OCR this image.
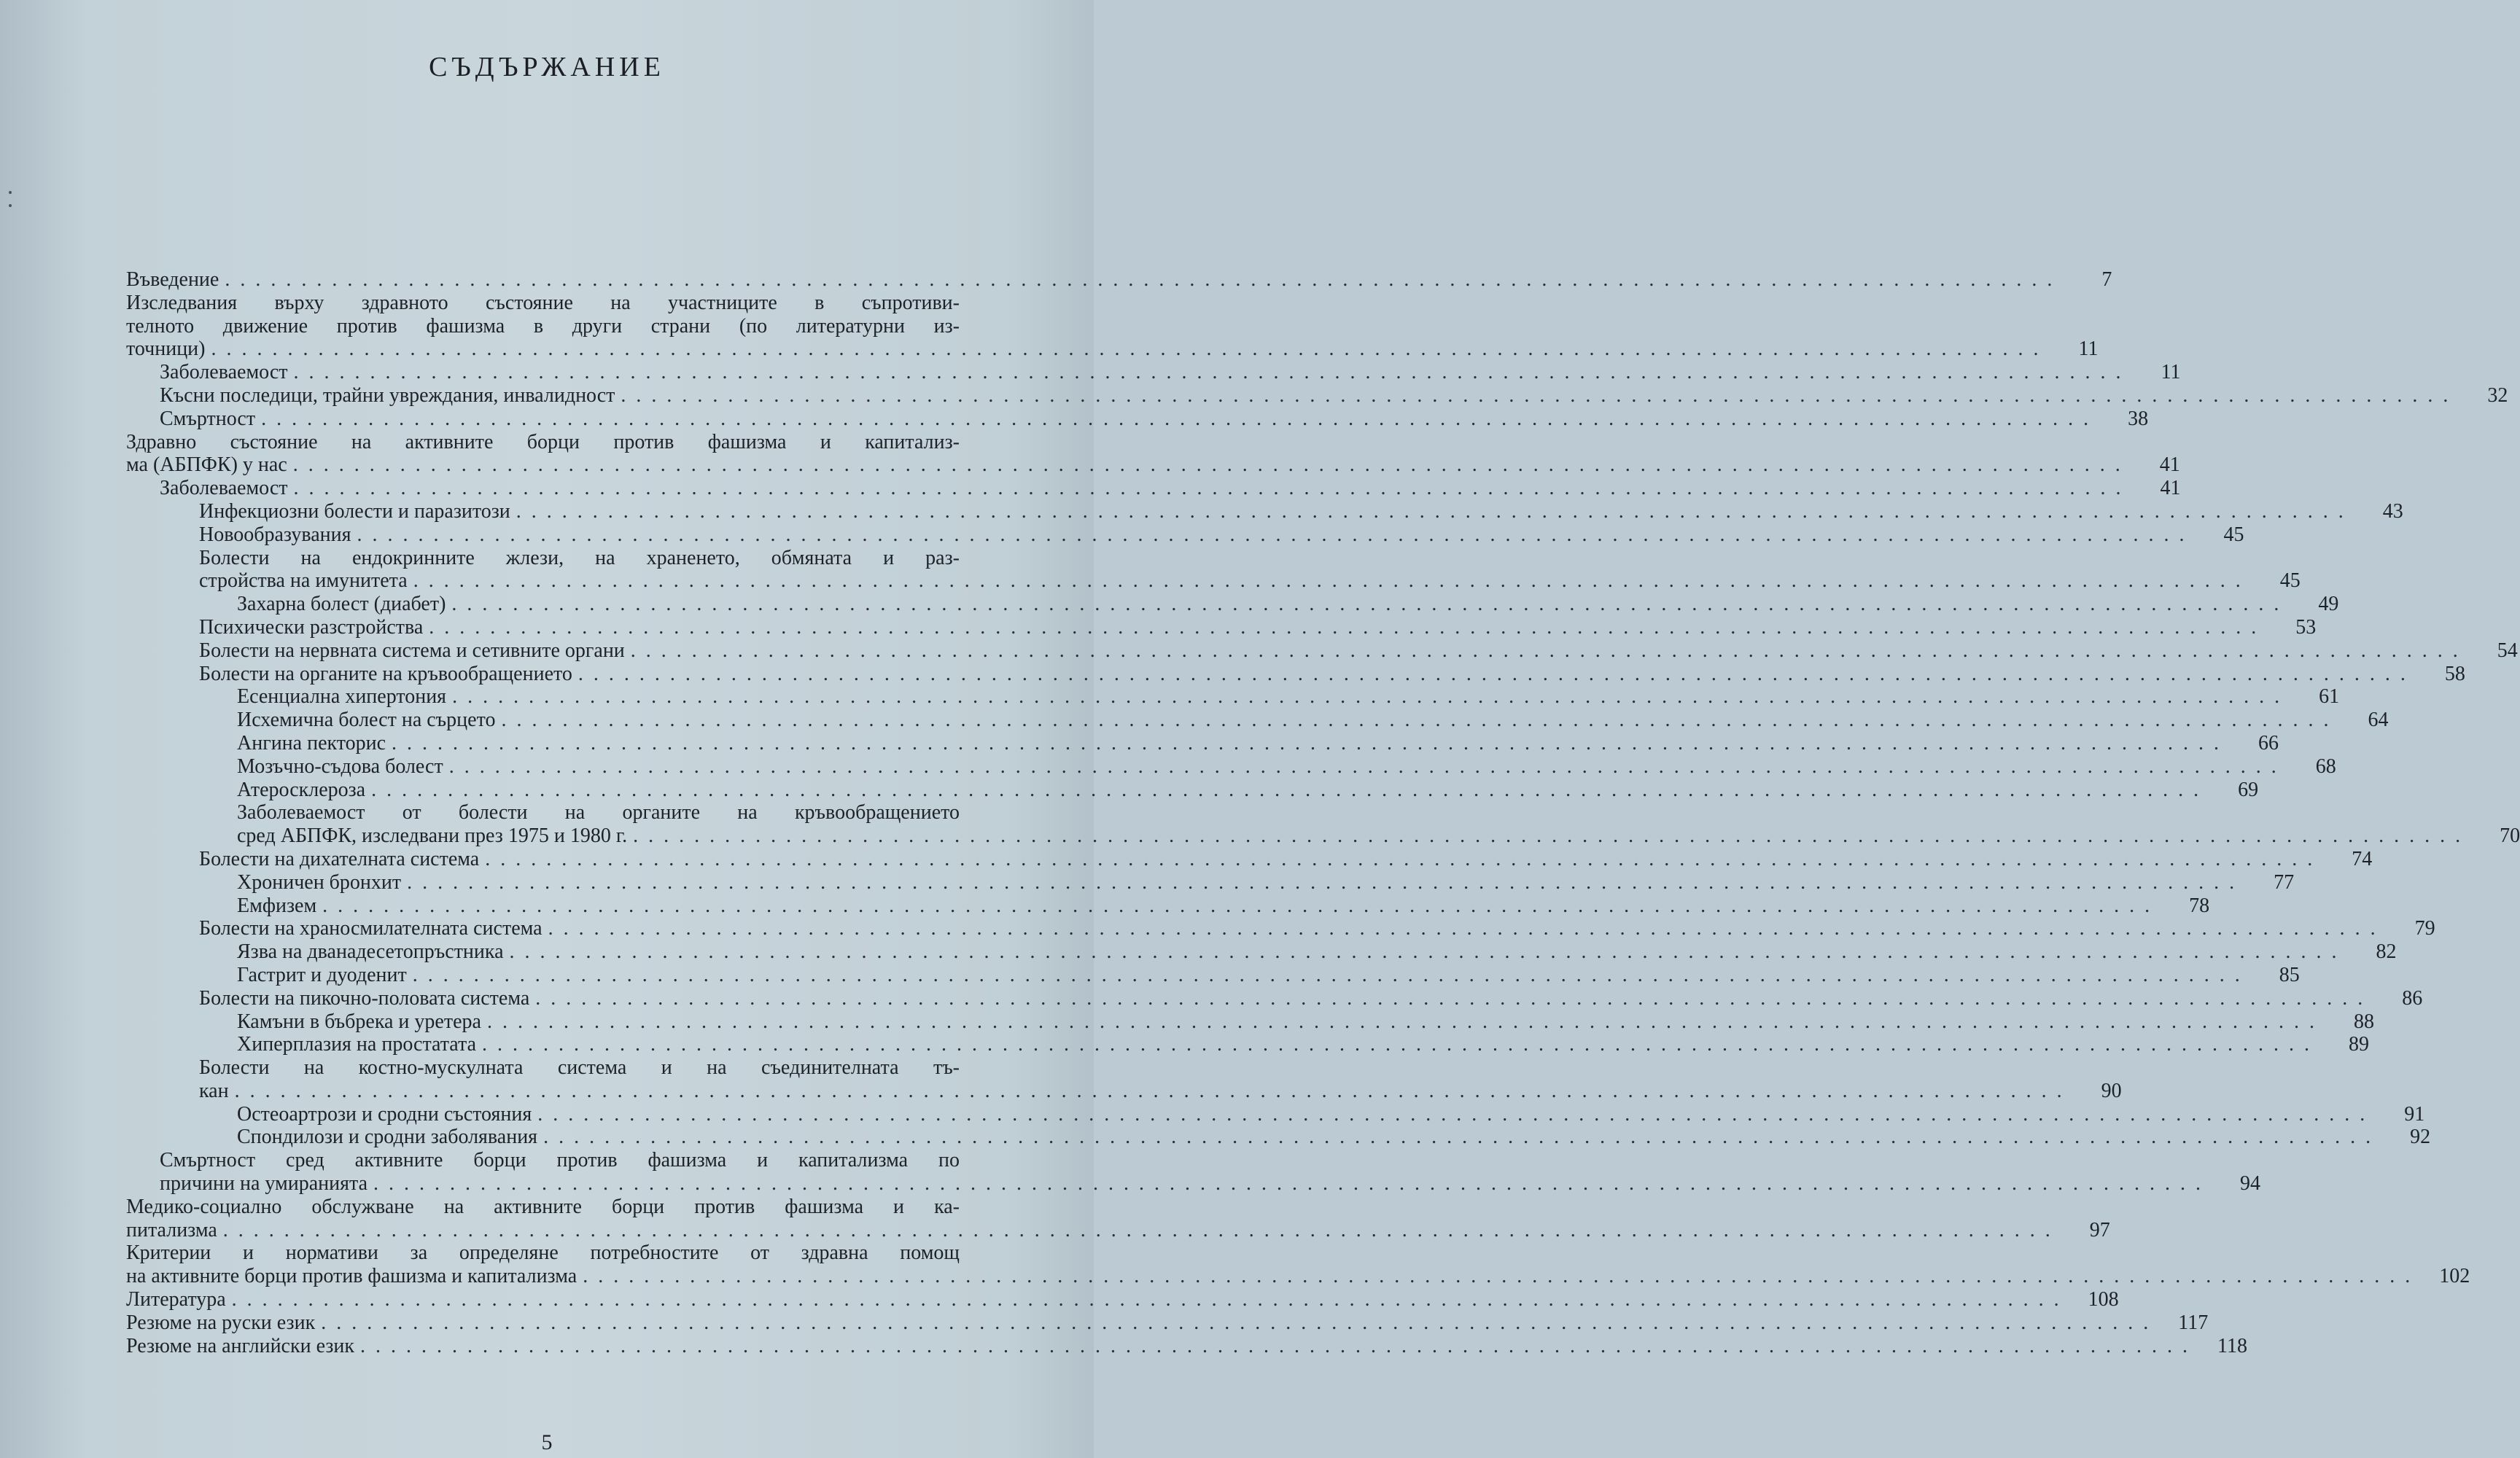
СЪДЪРЖАНИЕ
Въведение ........................................................................................................................	7
Изследвания върху здравното състояние на участниците в съпротиви-
телното движение против фашизма в други страни (по литературни из-
точници) ........................................................................................................................	11
Заболеваемост ........................................................................................................................	11
Късни последици, трайни увреждания, инвалидност ........................................................................................................................	32
Смъртност ........................................................................................................................	38
Здравно състояние на активните борци против фашизма и капитализ-
ма (АБПФК) у нас ........................................................................................................................	41
Заболеваемост ........................................................................................................................	41
Инфекциозни болести и паразитози ........................................................................................................................	43
Новообразувания ........................................................................................................................	45
Болести на ендокринните жлези, на храненето, обмяната и раз-
стройства на имунитета ........................................................................................................................	45
Захарна болест (диабет) ........................................................................................................................	49
Психически разстройства ........................................................................................................................	53
Болести на нервната система и сетивните органи ........................................................................................................................	54
Болести на органите на кръвообращението ........................................................................................................................	58
Есенциална хипертония ........................................................................................................................	61
Исхемична болест на сърцето ........................................................................................................................	64
Ангина пекторис ........................................................................................................................	66
Мозъчно-съдова болест ........................................................................................................................	68
Атеросклероза ........................................................................................................................	69
Заболеваемост от болести на органите на кръвообращението
сред АБПФК, изследвани през 1975 и 1980 г. ........................................................................................................................	70
Болести на дихателната система ........................................................................................................................	74
Хроничен бронхит ........................................................................................................................	77
Емфизем ........................................................................................................................	78
Болести на храносмилателната система ........................................................................................................................	79
Язва на дванадесетопръстника ........................................................................................................................	82
Гастрит и дуоденит ........................................................................................................................	85
Болести на пикочно-половата система ........................................................................................................................	86
Камъни в бъбрека и уретера ........................................................................................................................	88
Хиперплазия на простатата ........................................................................................................................	89
Болести на костно-мускулната система и на съединителната тъ-
кан ........................................................................................................................	90
Остеоартрози и сродни състояния ........................................................................................................................	91
Спондилози и сродни заболявания ........................................................................................................................	92
Смъртност сред активните борци против фашизма и капитализма по
причини на умиранията ........................................................................................................................	94
Медико-социално обслужване на активните борци против фашизма и ка-
питализма ........................................................................................................................	97
Критерии и нормативи за определяне потребностите от здравна помощ
на активните борци против фашизма и капитализма ........................................................................................................................ 102
Литература ........................................................................................................................ 108
Резюме на руски език ........................................................................................................................ 117
Резюме на английски език ........................................................................................................................ 118
5
